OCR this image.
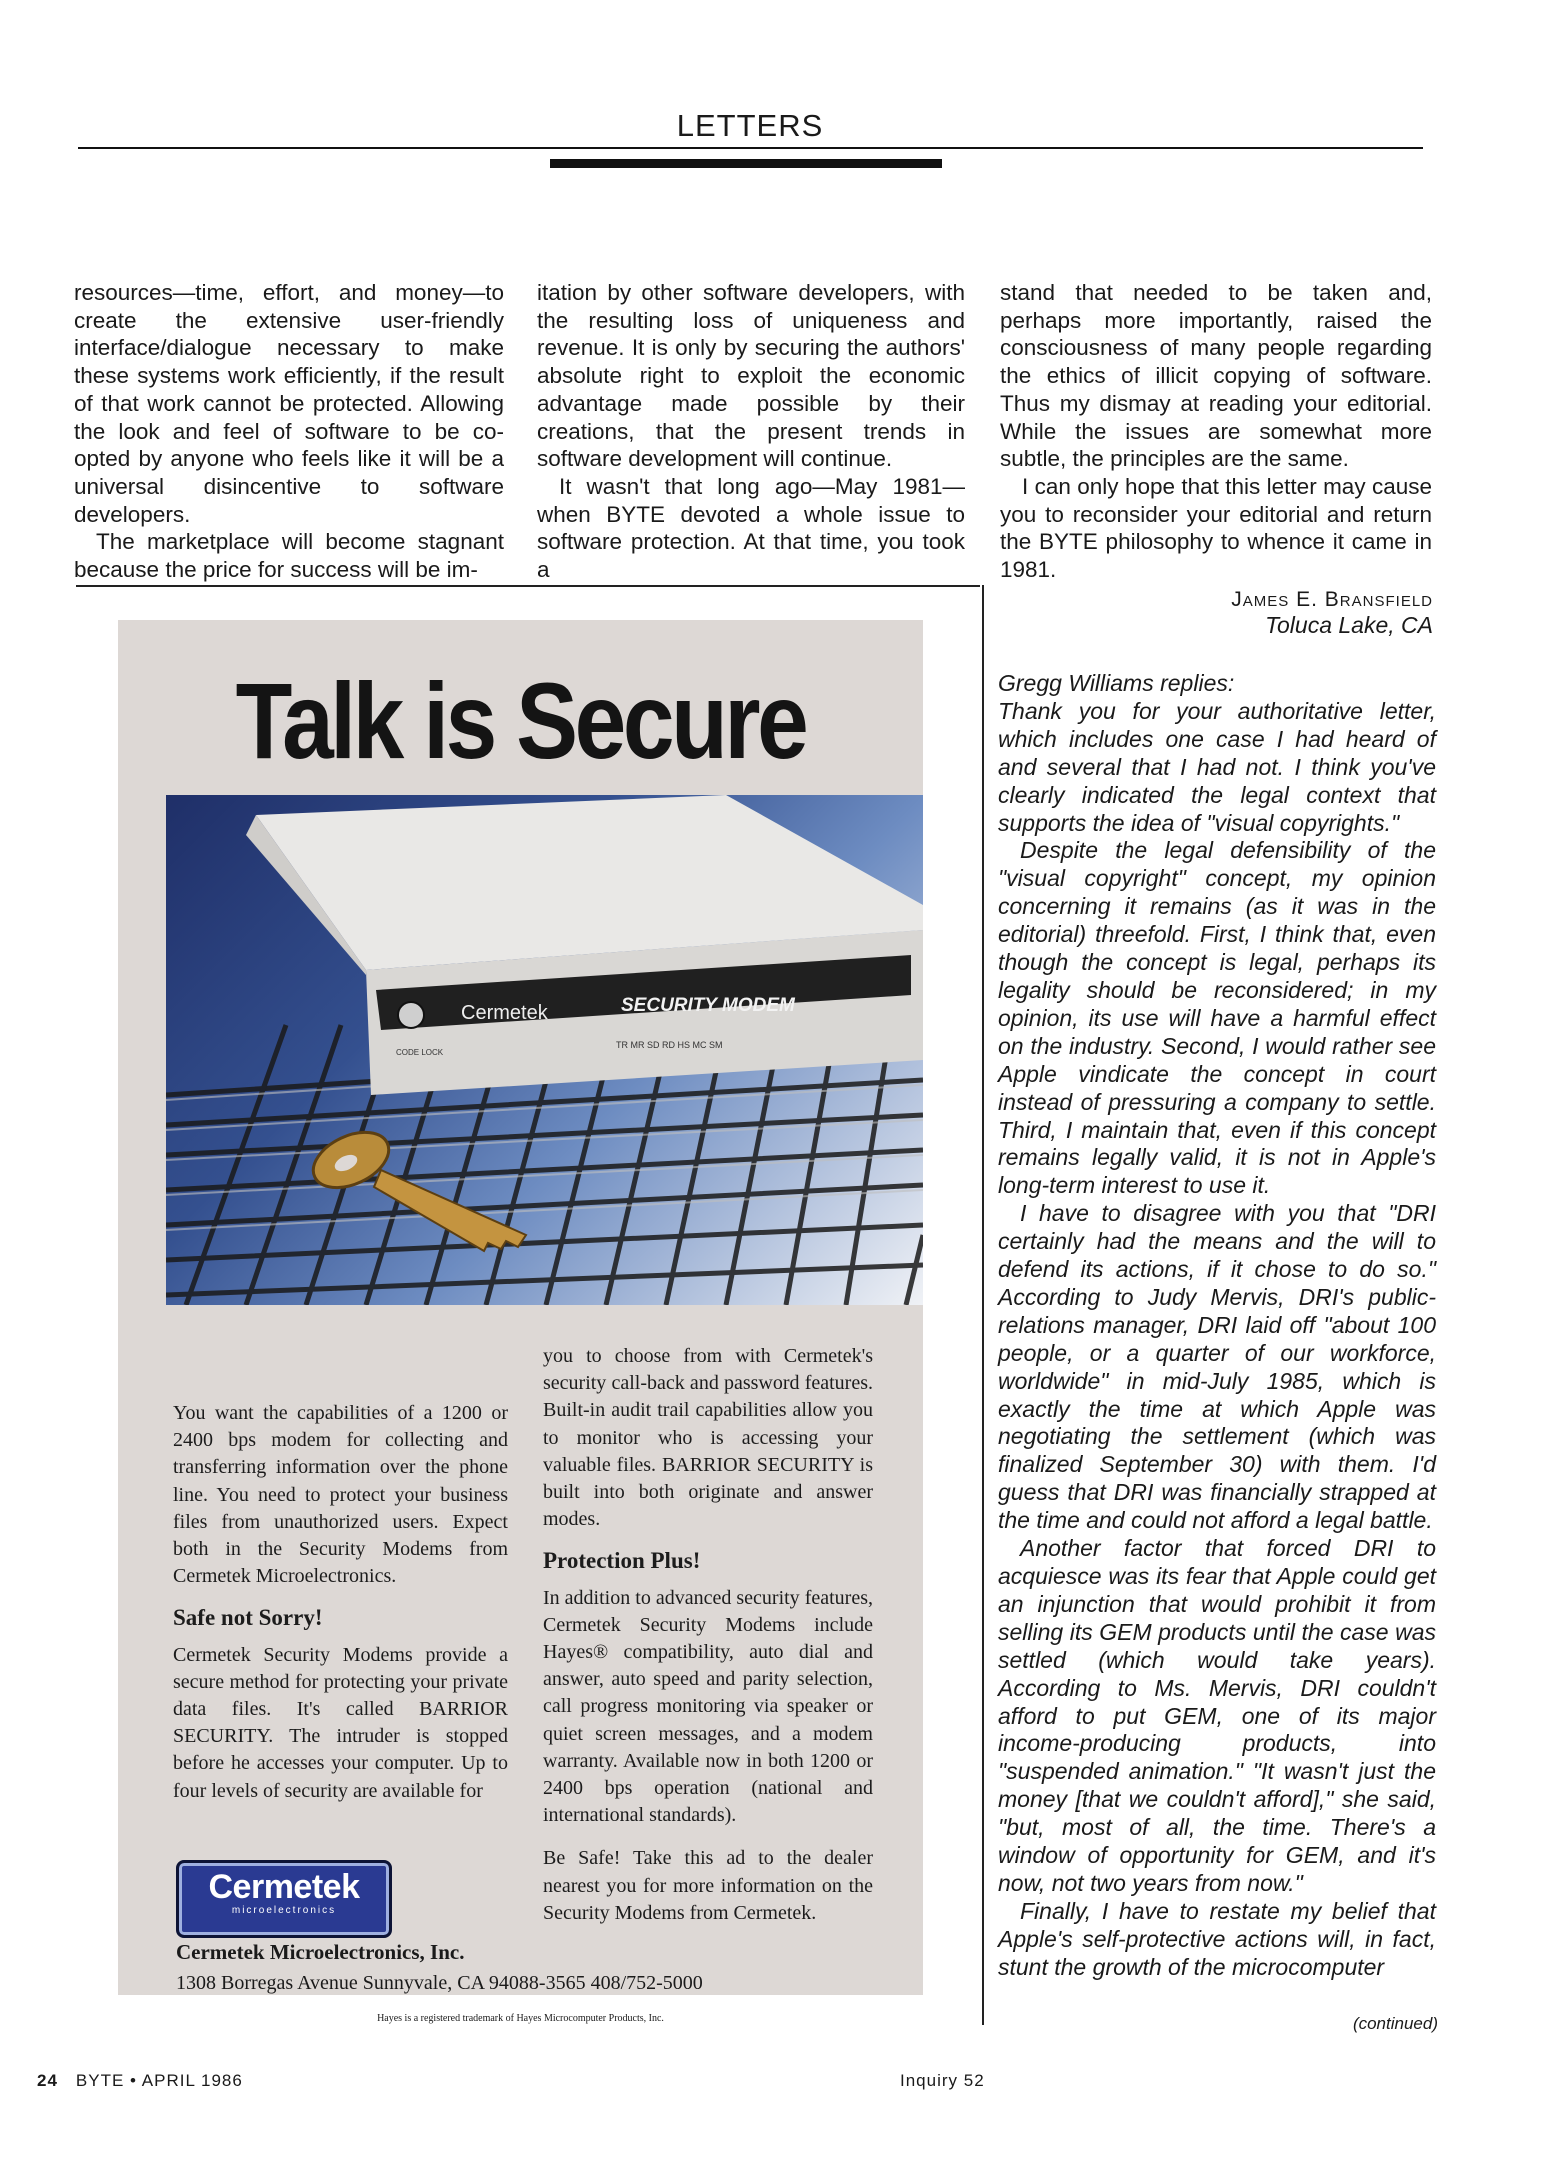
LETTERS

resources—time, effort, and money—to create the extensive user-friendly interface/dialogue necessary to make these systems work efficiently, if the result of that work cannot be protected. Allowing the look and feel of software to be co-opted by anyone who feels like it will be a universal disincentive to software developers.

The marketplace will become stagnant because the price for success will be im-

itation by other software developers, with the resulting loss of uniqueness and revenue. It is only by securing the authors' absolute right to exploit the economic advantage made possible by their creations, that the present trends in software development will continue.

It wasn't that long ago—May 1981—when BYTE devoted a whole issue to software protection. At that time, you took a

stand that needed to be taken and, perhaps more importantly, raised the consciousness of many people regarding the ethics of illicit copying of software. Thus my dismay at reading your editorial. While the issues are somewhat more subtle, the principles are the same.

I can only hope that this letter may cause you to reconsider your editorial and return the BYTE philosophy to whence it came in 1981.

James E. Bransfield
Toluca Lake, CA

Gregg Williams replies:

Thank you for your authoritative letter, which includes one case I had heard of and several that I had not. I think you've clearly indicated the legal context that supports the idea of "visual copyrights."

Despite the legal defensibility of the "visual copyright" concept, my opinion concerning it remains (as it was in the editorial) threefold. First, I think that, even though the concept is legal, perhaps its legality should be reconsidered; in my opinion, its use will have a harmful effect on the industry. Second, I would rather see Apple vindicate the concept in court instead of pressuring a company to settle. Third, I maintain that, even if this concept remains legally valid, it is not in Apple's long-term interest to use it.

I have to disagree with you that "DRI certainly had the means and the will to defend its actions, if it chose to do so." According to Judy Mervis, DRI's public-relations manager, DRI laid off "about 100 people, or a quarter of our workforce, worldwide" in mid-July 1985, which is exactly the time at which Apple was negotiating the settlement (which was finalized September 30) with them. I'd guess that DRI was financially strapped at the time and could not afford a legal battle.

Another factor that forced DRI to acquiesce was its fear that Apple could get an injunction that would prohibit it from selling its GEM products until the case was settled (which would take years). According to Ms. Mervis, DRI couldn't afford to put GEM, one of its major income-producing products, into "suspended animation." "It wasn't just the money [that we couldn't afford]," she said, "but, most of all, the time. There's a window of opportunity for GEM, and it's now, not two years from now."

Finally, I have to restate my belief that Apple's self-protective actions will, in fact, stunt the growth of the microcomputer

(continued)
Talk is Secure
Cermetek	SECURITY MODEM
CODE LOCK
TR MR SD RD HS MC SM

You want the capabilities of a 1200 or 2400 bps modem for collecting and transferring information over the phone line. You need to protect your business files from unauthorized users. Expect both in the Security Modems from Cermetek Microelectronics.

Safe not Sorry!

Cermetek Security Modems provide a secure method for protecting your private data files. It's called BARRIOR SECURITY. The intruder is stopped before he accesses your computer. Up to four levels of security are available for

you to choose from with Cermetek's security call-back and password features. Built-in audit trail capabilities allow you to monitor who is accessing your valuable files. BARRIOR SECURITY is built into both originate and answer modes.

Protection Plus!

In addition to advanced security features, Cermetek Security Modems include Hayes® compatibility, auto dial and answer, auto speed and parity selection, call progress monitoring via speaker or quiet screen messages, and a modem warranty. Available now in both 1200 or 2400 bps operation (national and international standards).

Be Safe! Take this ad to the dealer nearest you for more information on the Security Modems from Cermetek.

Cermetek
microelectronics
Cermetek Microelectronics, Inc.
1308 Borregas Avenue Sunnyvale, CA 94088-3565 408/752-5000
Hayes is a registered trademark of Hayes Microcomputer Products, Inc.
24 BYTE • APRIL 1986	Inquiry 52
